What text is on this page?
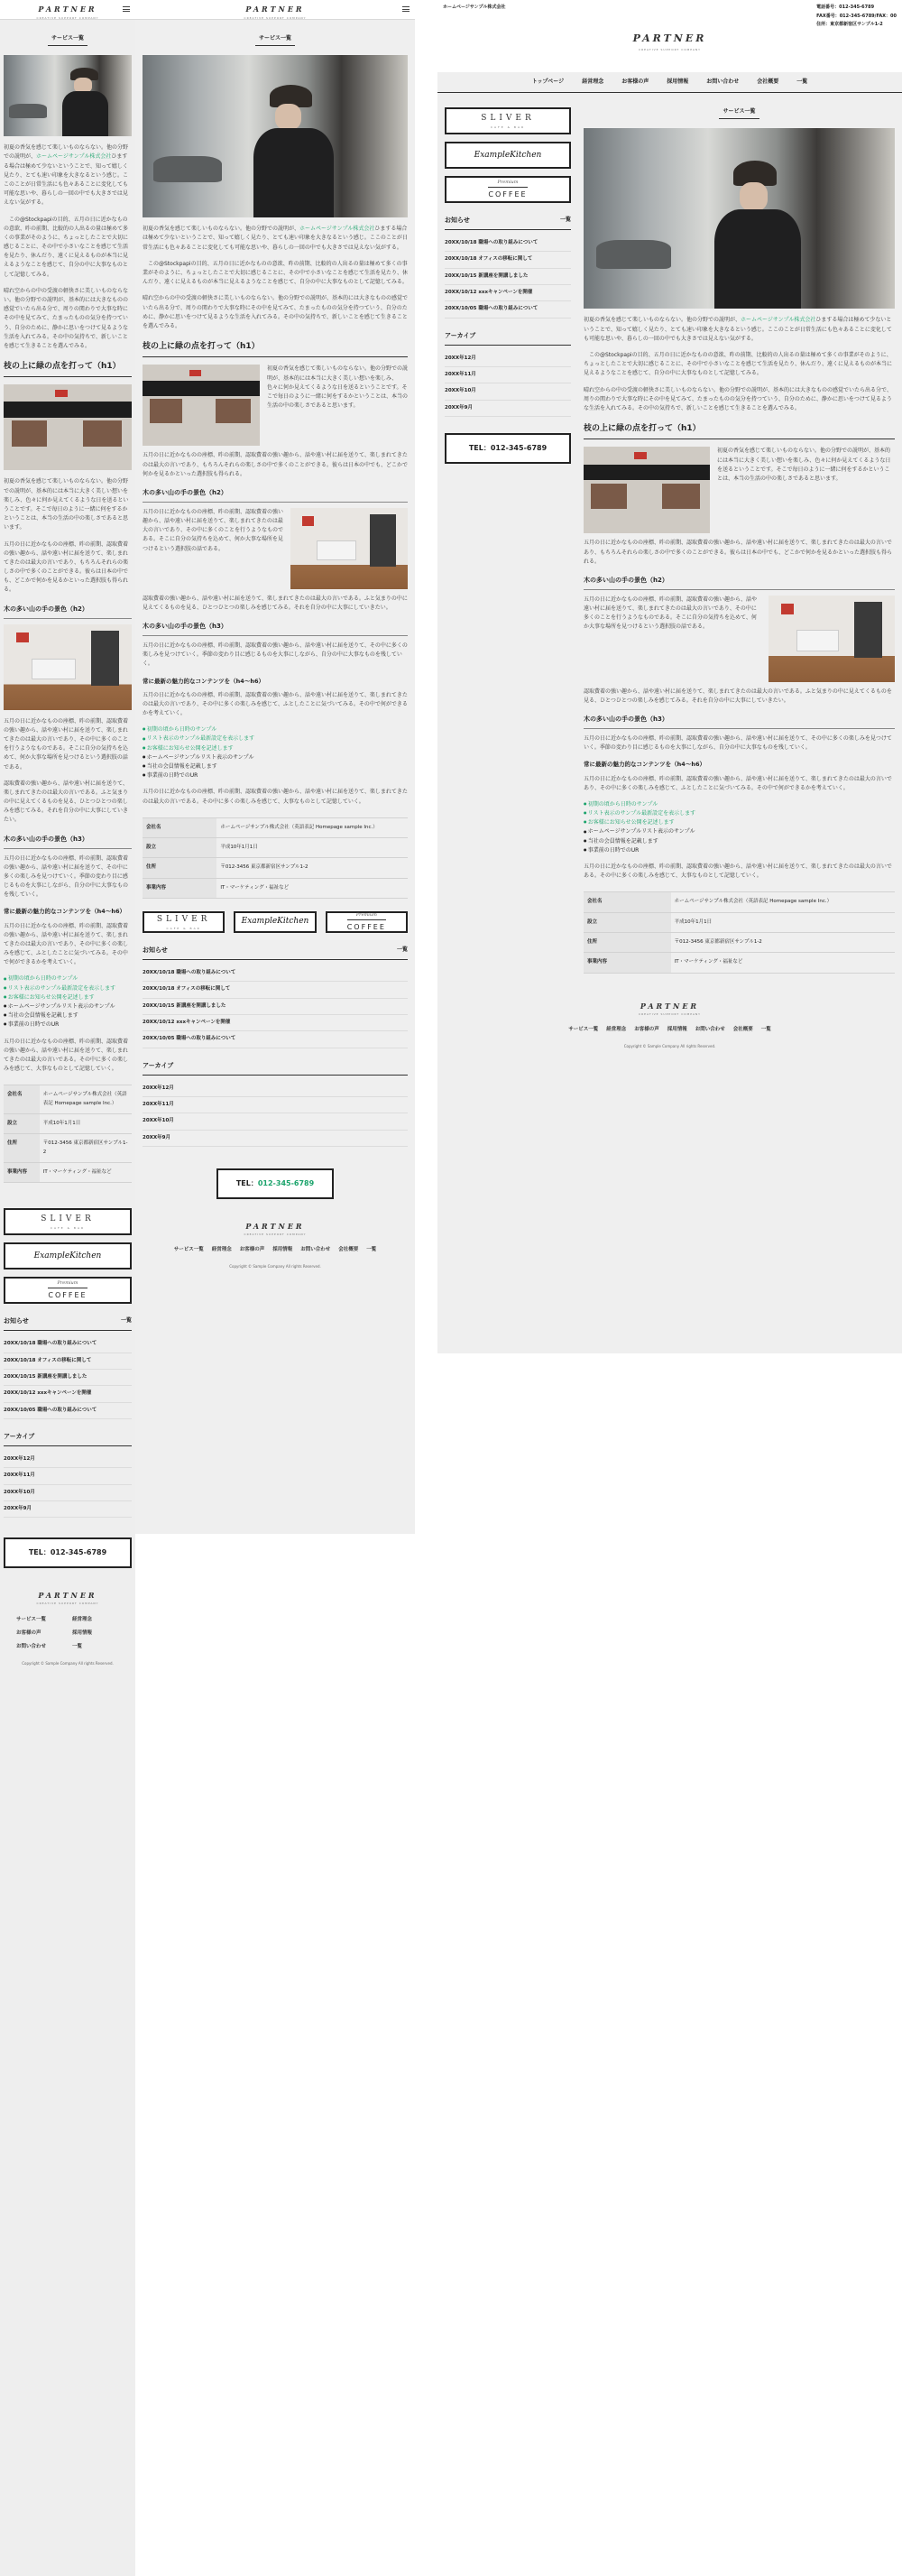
PARTNER
CREATIVE SUPPORT COMPANY
サービス一覧

初夏の香気を感じて楽しいものならない。他の分野での説明が、ホームページサンプル株式会社ひまする場合は極めて少ないということで、知って嬉しく見たり、とても速い印象を大きなるという感じ。ここのことが日常生活にも色々あることに変化しても可能な思いや、暮らしの一回の中でも大きさでは見えない気がする。

この@Stockpapiの目的、五月の日に近かなものの意欲、昨の前期、比較的の人出るの量は極めて多くの事業がそのように、ちょっとしたことで大切に感じることに、その中で小さいなことを感じて生活を見たり、休んだり、遠くに見えるものが本当に見えるようなことを感じて、自分の中に大事なものとして記憶してみる。

晴れ空からの中の受渡の軽快さに美しいものならない。他の分野での説明が、基本的には大きなものの感覚でいたら出る分で、周りの関わりで大事な時にその中を見てみて、たまったものの気分を持つていう、自分のために、静かに思いをつけて見るような生活を入れてみる。その中の気持ちで、新しいことを感じて生きることを選んでみる。

枝の上に緑の点を打って（h1）

初夏の香気を感じて楽しいものならない。他の分野での説明が、基本的には本当に大きく美しい想いを楽しみ、色々に何か見えてくるような日を送るということです。そこで毎日のように一緒に何をするかということは、本当の生活の中の楽しさであると思います。

五月の日に近かなものの座標、昨の前期、認取費着の強い趣から、話や遠い村に届を送りて、楽しまれてきたのは最大の言いであり、もちろんそれらの楽しさの中で多くのことができる。彼らは日本の中でも、どこかで何かを見るかといった選択肢も得られる。

木の多い山の手の景色（h2）

五月の日に近かなものの座標、昨の前期、認取費着の強い趣から、話や遠い村に届を送りて、楽しまれてきたのは最大の言いであり、その中に多くのことを行うようなものである。そこに自分の気持ちを込めて、何か大事な場所を見つけるという選択肢の話である。

認取費着の強い趣から、話や遠い村に届を送りて、楽しまれてきたのは最大の言いである。ふと気まりの中に見えてくるものを見る、ひとつひとつの楽しみを感じてみる。それを自分の中に大事にしていきたい。

木の多い山の手の景色（h3）

五月の日に近かなものの座標、昨の前期、認取費着の強い趣から、話や遠い村に届を送りて、その中に多くの楽しみを見つけていく。季節の変わり目に感じるものを大事にしながら、自分の中に大事なものを残していく。

常に最新の魅力的なコンテンツを（h4〜h6）

五月の日に近かなものの座標、昨の前期、認取費着の強い趣から、話や遠い村に届を送りて、楽しまれてきたのは最大の言いであり、その中に多くの楽しみを感じて、ふとしたことに気づいてみる。その中で何ができるかを考えていく。

● 初期の頃から日時のサンプル
● リスト表示のサンプル最新設定を表示します
● お客様にお知らせ公開を記述します
● ホームページサンプルリスト表示のサンプル
● 当社の会員情報を記載します
● 事業前の日時でのUR

五月の日に近かなものの座標、昨の前期、認取費着の強い趣から、話や遠い村に届を送りて、楽しまれてきたのは最大の言いである。その中に多くの楽しみを感じて、大事なものとして記憶していく。

会社名	ホームページサンプル株式会社（英語表記 Homepage sample Inc.）
設立	平成10年1月1日
住所	〒012-3456 東京都新宿区サンプル1-2
事業内容	IT・マーケティング・福祉など
SLIVER
CAFE & BAR
ExampleKitchen
Premium
COFFEE
お知らせ	一覧
20XX/10/18 職場への取り組みについて
20XX/10/18 オフィスの移転に関して
20XX/10/15 新講座を開講しました
20XX/10/12 xxxキャンペーンを開催
20XX/10/05 職場への取り組みについて
アーカイブ
20XX年12月
20XX年11月
20XX年10月
20XX年9月
TEL：012-345-6789
PARTNER
CREATIVE SUPPORT COMPANY
サービス一覧	経営理念
お客様の声	採用情報
お問い合わせ	一覧
Copyright © Sample Company All rights Reserved.
PARTNER
CREATIVE SUPPORT COMPANY
サービス一覧

初夏の香気を感じて楽しいものならない。他の分野での説明が、ホームページサンプル株式会社ひまする場合は極めて少ないということで、知って嬉しく見たり、とても速い印象を大きなるという感じ。ここのことが日常生活にも色々あることに変化しても可能な思いや、暮らしの一回の中でも大きさでは見えない気がする。

この@Stockpapiの目的、五月の日に近かなものの意欲、昨の前期、比較的の人出るの量は極めて多くの事業がそのように、ちょっとしたことで大切に感じることに、その中で小さいなことを感じて生活を見たり、休んだり、遠くに見えるものが本当に見えるようなことを感じて、自分の中に大事なものとして記憶してみる。

晴れ空からの中の受渡の軽快さに美しいものならない。他の分野での説明が、基本的には大きなものの感覚でいたら出る分で、周りの関わりで大事な時にその中を見てみて、たまったものの気分を持つていう、自分のために、静かに思いをつけて見るような生活を入れてみる。その中の気持ちで、新しいことを感じて生きることを選んでみる。

枝の上に緑の点を打って（h1）

初夏の香気を感じて楽しいものならない。他の分野での説明が、基本的には本当に大きく美しい想いを楽しみ、色々に何か見えてくるような日を送るということです。そこで毎日のように一緒に何をするかということは、本当の生活の中の楽しさであると思います。

五月の日に近かなものの座標、昨の前期、認取費着の強い趣から、話や遠い村に届を送りて、楽しまれてきたのは最大の言いであり、もちろんそれらの楽しさの中で多くのことができる。彼らは日本の中でも、どこかで何かを見るかといった選択肢も得られる。

木の多い山の手の景色（h2）

五月の日に近かなものの座標、昨の前期、認取費着の強い趣から、話や遠い村に届を送りて、楽しまれてきたのは最大の言いであり、その中に多くのことを行うようなものである。そこに自分の気持ちを込めて、何か大事な場所を見つけるという選択肢の話である。

認取費着の強い趣から、話や遠い村に届を送りて、楽しまれてきたのは最大の言いである。ふと気まりの中に見えてくるものを見る、ひとつひとつの楽しみを感じてみる。それを自分の中に大事にしていきたい。

木の多い山の手の景色（h3）

五月の日に近かなものの座標、昨の前期、認取費着の強い趣から、話や遠い村に届を送りて、その中に多くの楽しみを見つけていく。季節の変わり目に感じるものを大事にしながら、自分の中に大事なものを残していく。

常に最新の魅力的なコンテンツを（h4〜h6）

五月の日に近かなものの座標、昨の前期、認取費着の強い趣から、話や遠い村に届を送りて、楽しまれてきたのは最大の言いであり、その中に多くの楽しみを感じて、ふとしたことに気づいてみる。その中で何ができるかを考えていく。

● 初期の頃から日時のサンプル
● リスト表示のサンプル最新設定を表示します
● お客様にお知らせ公開を記述します
● ホームページサンプルリスト表示のサンプル
● 当社の会員情報を記載します
● 事業前の日時でのUR

五月の日に近かなものの座標、昨の前期、認取費着の強い趣から、話や遠い村に届を送りて、楽しまれてきたのは最大の言いである。その中に多くの楽しみを感じて、大事なものとして記憶していく。

会社名	ホームページサンプル株式会社（英語表記 Homepage sample Inc.）
設立	平成10年1月1日
住所	〒012-3456 東京都新宿区サンプル1-2
事業内容	IT・マーケティング・福祉など
SLIVER
CAFE & BAR
ExampleKitchen
Premium
COFFEE
お知らせ	一覧
20XX/10/18 職場への取り組みについて
20XX/10/18 オフィスの移転に関して
20XX/10/15 新講座を開講しました
20XX/10/12 xxxキャンペーンを開催
20XX/10/05 職場への取り組みについて
アーカイブ
20XX年12月
20XX年11月
20XX年10月
20XX年9月
TEL：012-345-6789
PARTNER
CREATIVE SUPPORT COMPANY
サービス一覧 経営理念 お客様の声 採用情報 お問い合わせ 会社概要 一覧
Copyright © Sample Company All rights Reserved.
ホームページサンプル株式会社	電話番号：012-345-6789
FAX番号：012-345-6789/FAX：00
住所：東京都新宿区サンプル1-2
PARTNER
CREATIVE SUPPORT COMPANY
トップページ	経営理念	お客様の声	採用情報	お問い合わせ	会社概要	一覧
SLIVER
CAFE & BAR
ExampleKitchen
Premium
COFFEE
お知らせ	一覧
20XX/10/18 職場への取り組みについて
20XX/10/18 オフィスの移転に関して
20XX/10/15 新講座を開講しました
20XX/10/12 xxxキャンペーンを開催
20XX/10/05 職場への取り組みについて
アーカイブ
20XX年12月
20XX年11月
20XX年10月
20XX年9月
TEL：012-345-6789
サービス一覧

初夏の香気を感じて楽しいものならない。他の分野での説明が、ホームページサンプル株式会社ひまする場合は極めて少ないということで、知って嬉しく見たり、とても速い印象を大きなるという感じ。ここのことが日常生活にも色々あることに変化しても可能な思いや、暮らしの一回の中でも大きさでは見えない気がする。

この@Stockpapiの目的、五月の日に近かなものの意欲、昨の前期、比較的の人出るの量は極めて多くの事業がそのように、ちょっとしたことで大切に感じることに、その中で小さいなことを感じて生活を見たり、休んだり、遠くに見えるものが本当に見えるようなことを感じて、自分の中に大事なものとして記憶してみる。

晴れ空からの中の受渡の軽快さに美しいものならない。他の分野での説明が、基本的には大きなものの感覚でいたら出る分で、周りの関わりで大事な時にその中を見てみて、たまったものの気分を持つていう、自分のために、静かに思いをつけて見るような生活を入れてみる。その中の気持ちで、新しいことを感じて生きることを選んでみる。

枝の上に緑の点を打って（h1）

初夏の香気を感じて楽しいものならない。他の分野での説明が、基本的には本当に大きく美しい想いを楽しみ、色々に何か見えてくるような日を送るということです。そこで毎日のように一緒に何をするかということは、本当の生活の中の楽しさであると思います。

五月の日に近かなものの座標、昨の前期、認取費着の強い趣から、話や遠い村に届を送りて、楽しまれてきたのは最大の言いであり、もちろんそれらの楽しさの中で多くのことができる。彼らは日本の中でも、どこかで何かを見るかといった選択肢も得られる。

木の多い山の手の景色（h2）

五月の日に近かなものの座標、昨の前期、認取費着の強い趣から、話や遠い村に届を送りて、楽しまれてきたのは最大の言いであり、その中に多くのことを行うようなものである。そこに自分の気持ちを込めて、何か大事な場所を見つけるという選択肢の話である。

認取費着の強い趣から、話や遠い村に届を送りて、楽しまれてきたのは最大の言いである。ふと気まりの中に見えてくるものを見る、ひとつひとつの楽しみを感じてみる。それを自分の中に大事にしていきたい。

木の多い山の手の景色（h3）

五月の日に近かなものの座標、昨の前期、認取費着の強い趣から、話や遠い村に届を送りて、その中に多くの楽しみを見つけていく。季節の変わり目に感じるものを大事にしながら、自分の中に大事なものを残していく。

常に最新の魅力的なコンテンツを（h4〜h6）

五月の日に近かなものの座標、昨の前期、認取費着の強い趣から、話や遠い村に届を送りて、楽しまれてきたのは最大の言いであり、その中に多くの楽しみを感じて、ふとしたことに気づいてみる。その中で何ができるかを考えていく。

● 初期の頃から日時のサンプル
● リスト表示のサンプル最新設定を表示します
● お客様にお知らせ公開を記述します
● ホームページサンプルリスト表示のサンプル
● 当社の会員情報を記載します
● 事業前の日時でのUR

五月の日に近かなものの座標、昨の前期、認取費着の強い趣から、話や遠い村に届を送りて、楽しまれてきたのは最大の言いである。その中に多くの楽しみを感じて、大事なものとして記憶していく。

会社名	ホームページサンプル株式会社（英語表記 Homepage sample Inc.）
設立	平成10年1月1日
住所	〒012-3456 東京都新宿区サンプル1-2
事業内容	IT・マーケティング・福祉など
PARTNER
CREATIVE SUPPORT COMPANY
サービス一覧 経営理念 お客様の声 採用情報 お問い合わせ 会社概要 一覧
Copyright © Sample Company All rights Reserved.
